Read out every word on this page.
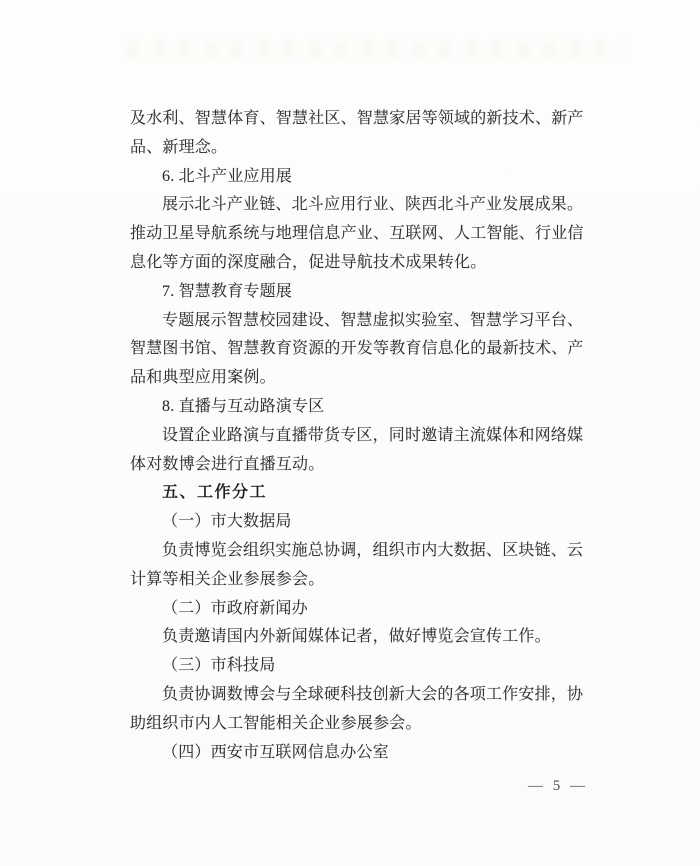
及水利、智慧体育、智慧社区、智慧家居等领域的新技术、新产
品、新理念。
6. 北斗产业应用展
展示北斗产业链、北斗应用行业、陕西北斗产业发展成果。
推动卫星导航系统与地理信息产业、互联网、人工智能、行业信
息化等方面的深度融合，促进导航技术成果转化。
7. 智慧教育专题展
专题展示智慧校园建设、智慧虚拟实验室、智慧学习平台、
智慧图书馆、智慧教育资源的开发等教育信息化的最新技术、产
品和典型应用案例。
8. 直播与互动路演专区
设置企业路演与直播带货专区，同时邀请主流媒体和网络媒
体对数博会进行直播互动。
五、工作分工
（一）市大数据局
负责博览会组织实施总协调，组织市内大数据、区块链、云
计算等相关企业参展参会。
（二）市政府新闻办
负责邀请国内外新闻媒体记者，做好博览会宣传工作。
（三）市科技局
负责协调数博会与全球硬科技创新大会的各项工作安排，协
助组织市内人工智能相关企业参展参会。
（四）西安市互联网信息办公室
— 5 —
